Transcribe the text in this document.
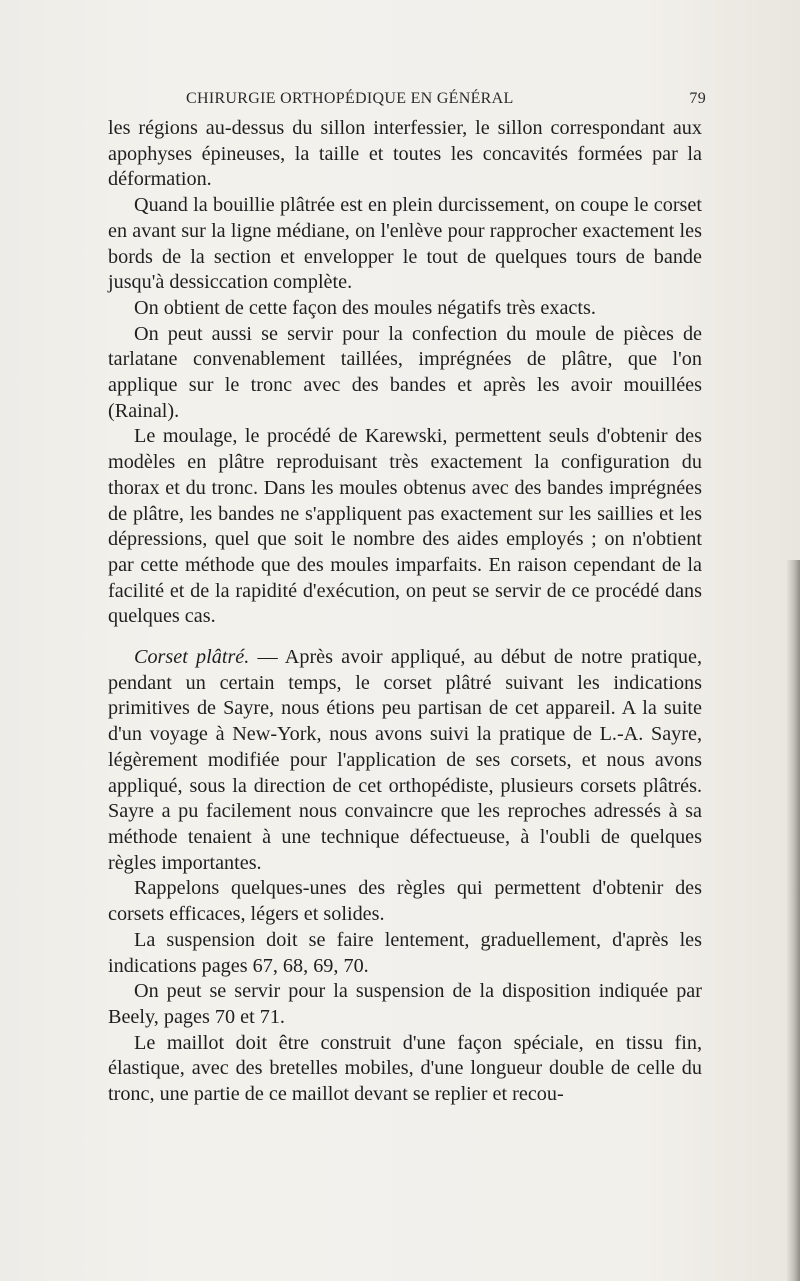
CHIRURGIE ORTHOPÉDIQUE EN GÉNÉRAL	79

les régions au-dessus du sillon interfessier, le sillon correspondant aux apophyses épineuses, la taille et toutes les concavités formées par la déformation.

Quand la bouillie plâtrée est en plein durcissement, on coupe le corset en avant sur la ligne médiane, on l'enlève pour rapprocher exactement les bords de la section et envelopper le tout de quelques tours de bande jusqu'à dessiccation complète.

On obtient de cette façon des moules négatifs très exacts.

On peut aussi se servir pour la confection du moule de pièces de tarlatane convenablement taillées, imprégnées de plâtre, que l'on applique sur le tronc avec des bandes et après les avoir mouillées (Rainal).

Le moulage, le procédé de Karewski, permettent seuls d'obtenir des modèles en plâtre reproduisant très exactement la configuration du thorax et du tronc. Dans les moules obtenus avec des bandes imprégnées de plâtre, les bandes ne s'appliquent pas exactement sur les saillies et les dépressions, quel que soit le nombre des aides employés ; on n'obtient par cette méthode que des moules imparfaits. En raison cependant de la facilité et de la rapidité d'exécution, on peut se servir de ce procédé dans quelques cas.

Corset plâtré. — Après avoir appliqué, au début de notre pratique, pendant un certain temps, le corset plâtré suivant les indications primitives de Sayre, nous étions peu partisan de cet appareil. A la suite d'un voyage à New-York, nous avons suivi la pratique de L.-A. Sayre, légèrement modifiée pour l'application de ses corsets, et nous avons appliqué, sous la direction de cet orthopédiste, plusieurs corsets plâtrés. Sayre a pu facilement nous convaincre que les reproches adressés à sa méthode tenaient à une technique défectueuse, à l'oubli de quelques règles importantes.

Rappelons quelques-unes des règles qui permettent d'obtenir des corsets efficaces, légers et solides.

La suspension doit se faire lentement, graduellement, d'après les indications pages 67, 68, 69, 70.

On peut se servir pour la suspension de la disposition indiquée par Beely, pages 70 et 71.

Le maillot doit être construit d'une façon spéciale, en tissu fin, élastique, avec des bretelles mobiles, d'une longueur double de celle du tronc, une partie de ce maillot devant se replier et recou-
